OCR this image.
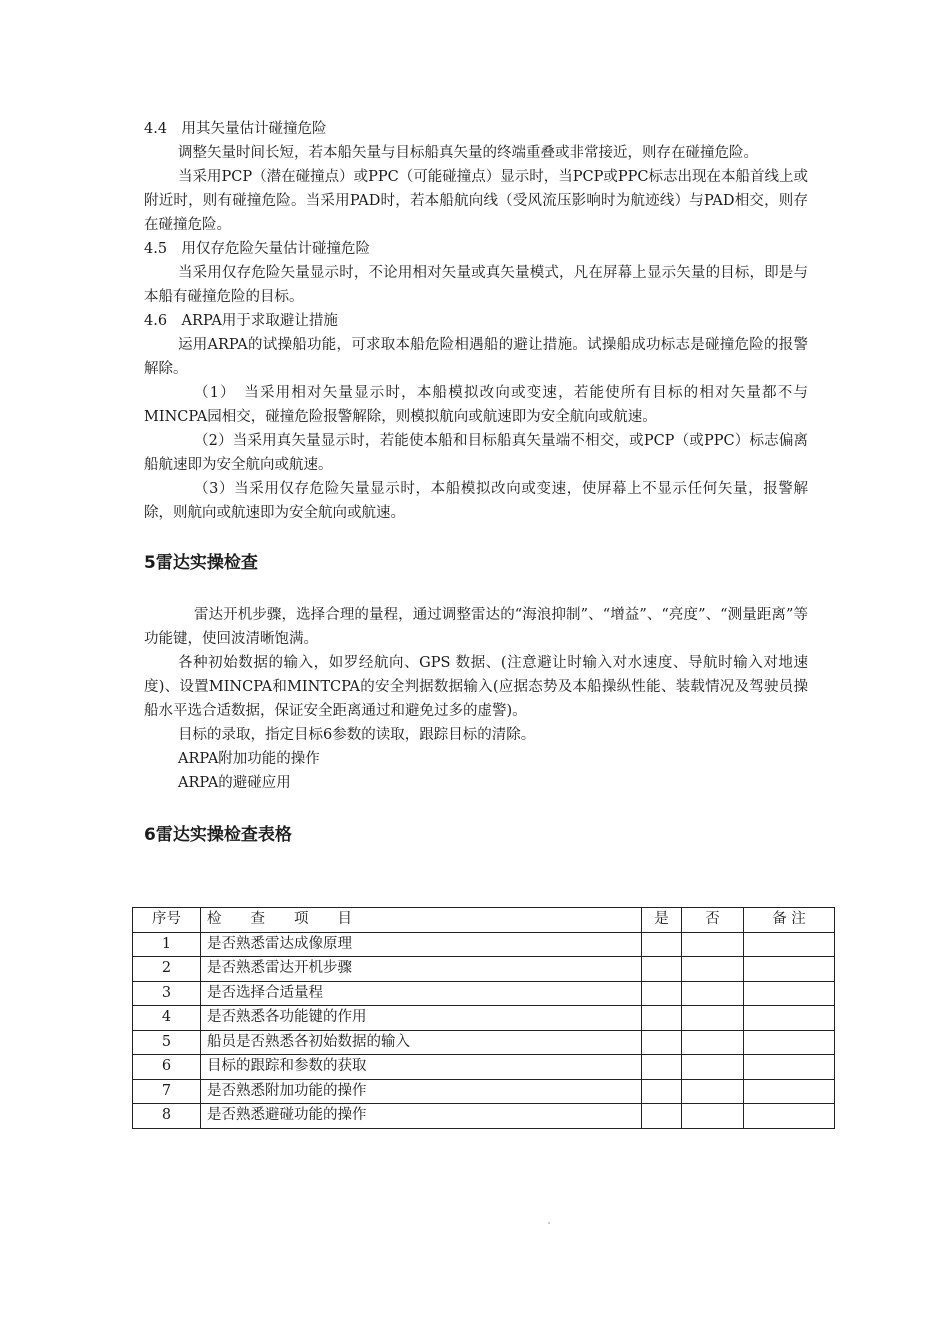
4.4　用其矢量估计碰撞危险

调整矢量时间长短，若本船矢量与目标船真矢量的终端重叠或非常接近，则存在碰撞危险。

当采用PCP（潜在碰撞点）或PPC（可能碰撞点）显示时，当PCP或PPC标志出现在本船首线上或附近时，则有碰撞危险。当采用PAD时，若本船航向线（受风流压影响时为航迹线）与PAD相交，则存在碰撞危险。

4.5　用仅存危险矢量估计碰撞危险

当采用仅存危险矢量显示时，不论用相对矢量或真矢量模式，凡在屏幕上显示矢量的目标，即是与本船有碰撞危险的目标。

4.6　ARPA用于求取避让措施

运用ARPA的试操船功能，可求取本船危险相遇船的避让措施。试操船成功标志是碰撞危险的报警解除。

（1）　当采用相对矢量显示时，本船模拟改向或变速，若能使所有目标的相对矢量都不与MINCPA园相交，碰撞危险报警解除，则模拟航向或航速即为安全航向或航速。

（2）当采用真矢量显示时，若能使本船和目标船真矢量端不相交，或PCP（或PPC）标志偏离船航速即为安全航向或航速。

（3）当采用仅存危险矢量显示时，本船模拟改向或变速，使屏幕上不显示任何矢量，报警解除，则航向或航速即为安全航向或航速。

5雷达实操检查

雷达开机步骤，选择合理的量程，通过调整雷达的“海浪抑制”、“增益”、“亮度”、“测量距离”等功能键，使回波清晰饱满。

各种初始数据的输入，如罗经航向、GPS 数据、(注意避让时输入对水速度、导航时输入对地速度)、设置MINCPA和MINTCPA的安全判据数据输入(应据态势及本船操纵性能、装载情况及驾驶员操船水平选合适数据，保证安全距离通过和避免过多的虚警)。

目标的录取，指定目标6参数的读取，跟踪目标的清除。

ARPA附加功能的操作

ARPA的避碰应用

6雷达实操检查表格
序号	检　　查　　项　　目	是	否	备 注
1	是否熟悉雷达成像原理			
2	是否熟悉雷达开机步骤			
3	是否选择合适量程			
4	是否熟悉各功能键的作用			
5	船员是否熟悉各初始数据的输入			
6	目标的跟踪和参数的获取			
7	是否熟悉附加功能的操作			
8	是否熟悉避碰功能的操作			
